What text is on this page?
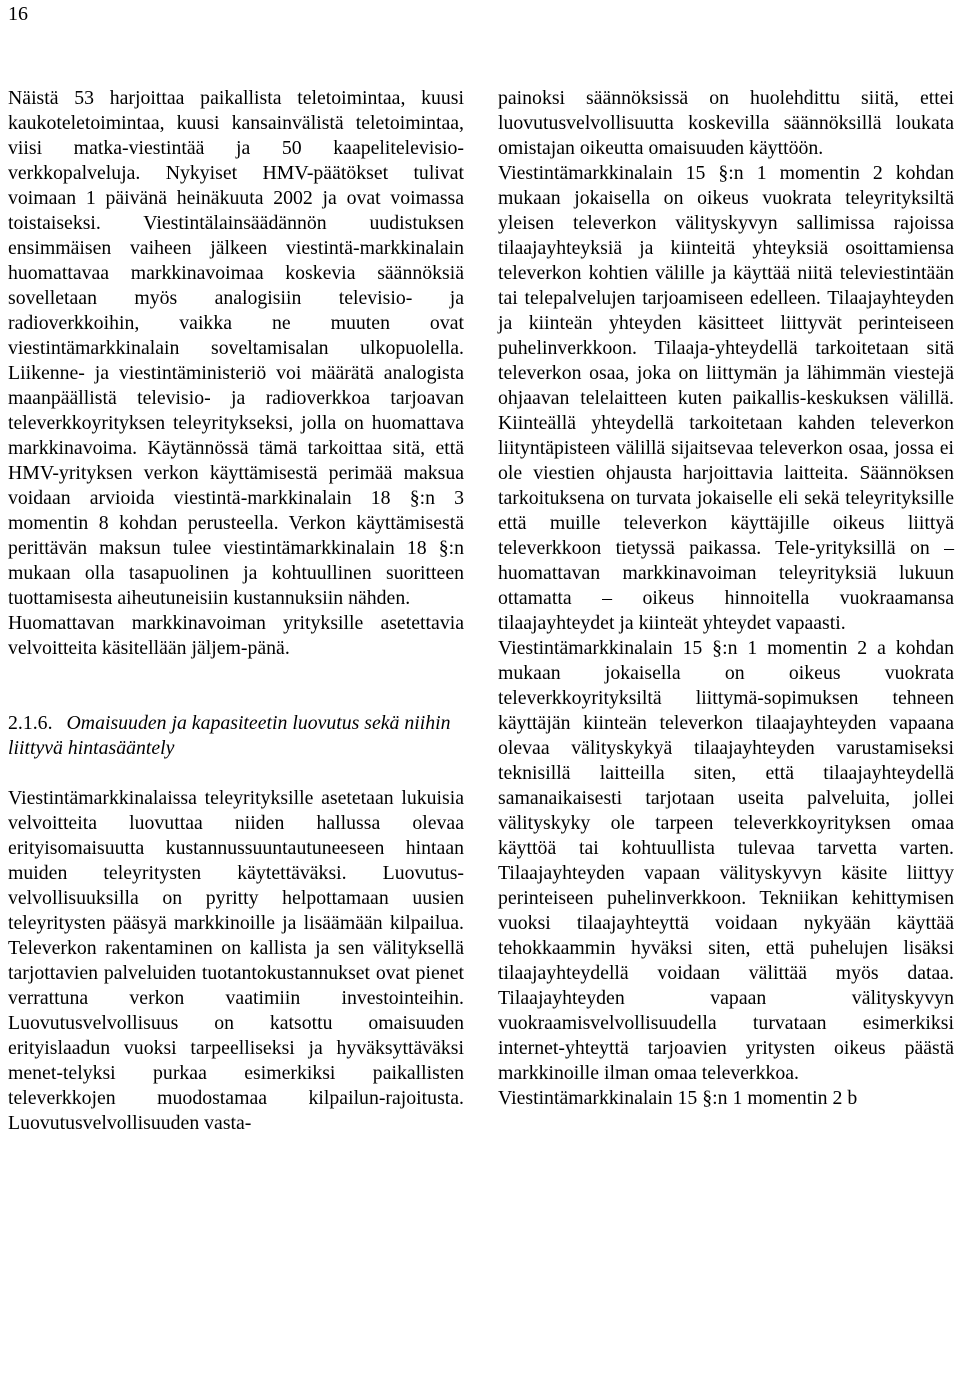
16

Näistä 53 harjoittaa paikallista teletoimintaa, kuusi kaukoteletoimintaa, kuusi kansainvälistä teletoimintaa, viisi matka-viestintää ja 50 kaapelitelevisio-verkkopalveluja. Nykyiset HMV-päätökset tulivat voimaan 1 päivänä heinäkuuta 2002 ja ovat voimassa toistaiseksi. Viestintälainsäädännön uudistuksen ensimmäisen vaiheen jälkeen viestintä-markkinalain huomattavaa markkinavoimaa koskevia säännöksiä sovelletaan myös analogisiin televisio- ja radioverkkoihin, vaikka ne muuten ovat viestintämarkkinalain soveltamisalan ulkopuolella. Liikenne- ja viestintäministeriö voi määrätä analogista maanpäällistä televisio- ja radioverkkoa tarjoavan televerkkoyrityksen teleyritykseksi, jolla on huomattava markkinavoima. Käytännössä tämä tarkoittaa sitä, että HMV-yrityksen verkon käyttämisestä perimää maksua voidaan arvioida viestintä-markkinalain 18 §:n 3 momentin 8 kohdan perusteella. Verkon käyttämisestä perittävän maksun tulee viestintämarkkinalain 18 §:n mukaan olla tasapuolinen ja kohtuullinen suoritteen tuottamisesta aiheutuneisiin kustannuksiin nähden.

Huomattavan markkinavoiman yrityksille asetettavia velvoitteita käsitellään jäljem-pänä.

2.1.6. Omaisuuden ja kapasiteetin luovutus sekä niihin liittyvä hintasääntely

Viestintämarkkinalaissa teleyrityksille asetetaan lukuisia velvoitteita luovuttaa niiden hallussa olevaa erityisomaisuutta kustannussuuntautuneeseen hintaan muiden teleyritysten käytettäväksi. Luovutus-velvollisuuksilla on pyritty helpottamaan uusien teleyritysten pääsyä markkinoille ja lisäämään kilpailua. Televerkon rakentaminen on kallista ja sen välityksellä tarjottavien palveluiden tuotantokustannukset ovat pienet verrattuna verkon vaatimiin investointeihin. Luovutusvelvollisuus on katsottu omaisuuden erityislaadun vuoksi tarpeelliseksi ja hyväksyttäväksi menet-telyksi purkaa esimerkiksi paikallisten televerkkojen muodostamaa kilpailun-rajoitusta. Luovutusvelvollisuuden vasta-

painoksi säännöksissä on huolehdittu siitä, ettei luovutusvelvollisuutta koskevilla säännöksillä loukata omistajan oikeutta omaisuuden käyttöön.

Viestintämarkkinalain 15 §:n 1 momentin 2 kohdan mukaan jokaisella on oikeus vuokrata teleyrityksiltä yleisen televerkon välityskyvyn sallimissa rajoissa tilaajayhteyksiä ja kiinteitä yhteyksiä osoittamiensa televerkon kohtien välille ja käyttää niitä televiestintään tai telepalvelujen tarjoamiseen edelleen. Tilaajayhteyden ja kiinteän yhteyden käsitteet liittyvät perinteiseen puhelinverkkoon. Tilaaja-yhteydellä tarkoitetaan sitä televerkon osaa, joka on liittymän ja lähimmän viestejä ohjaavan telelaitteen kuten paikallis-keskuksen välillä. Kiinteällä yhteydellä tarkoitetaan kahden televerkon liityntäpisteen välillä sijaitsevaa televerkon osaa, jossa ei ole viestien ohjausta harjoittavia laitteita. Säännöksen tarkoituksena on turvata jokaiselle eli sekä teleyrityksille että muille televerkon käyttäjille oikeus liittyä televerkkoon tietyssä paikassa. Tele-yrityksillä on – huomattavan markkinavoiman teleyrityksiä lukuun ottamatta – oikeus hinnoitella vuokraamansa tilaajayhteydet ja kiinteät yhteydet vapaasti.

Viestintämarkkinalain 15 §:n 1 momentin 2 a kohdan mukaan jokaisella on oikeus vuokrata televerkkoyrityksiltä liittymä-sopimuksen tehneen käyttäjän kiinteän televerkon tilaajayhteyden vapaana olevaa välityskykyä tilaajayhteyden varustamiseksi teknisillä laitteilla siten, että tilaajayhteydellä samanaikaisesti tarjotaan useita palveluita, jollei välityskyky ole tarpeen televerkkoyrityksen omaa käyttöä tai kohtuullista tulevaa tarvetta varten. Tilaajayhteyden vapaan välityskyvyn käsite liittyy perinteiseen puhelinverkkoon. Tekniikan kehittymisen vuoksi tilaajayhteyttä voidaan nykyään käyttää tehokkaammin hyväksi siten, että puhelujen lisäksi tilaajayhteydellä voidaan välittää myös dataa. Tilaajayhteyden vapaan välityskyvyn vuokraamisvelvollisuudella turvataan esimerkiksi internet-yhteyttä tarjoavien yritysten oikeus päästä markkinoille ilman omaa televerkkoa.

Viestintämarkkinalain 15 §:n 1 momentin 2 b
